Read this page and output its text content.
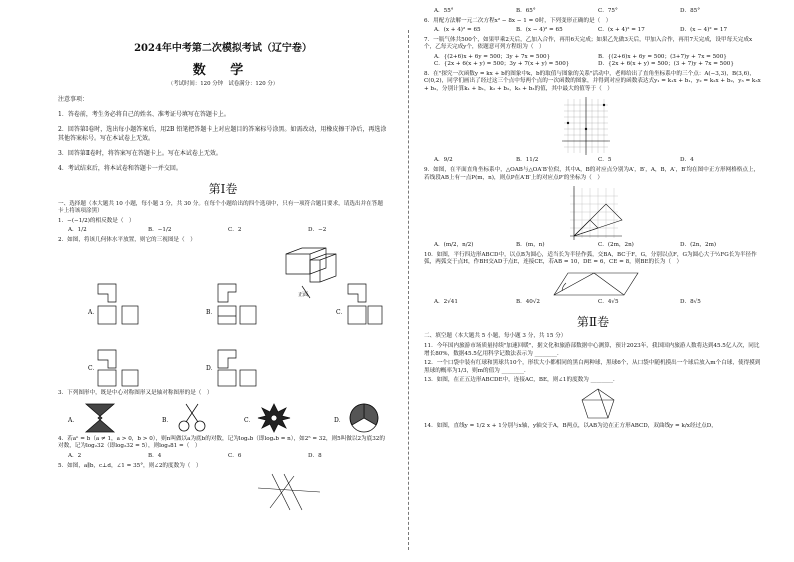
2024年中考第二次模拟考试（辽宁卷）
数 学
（考试时间：120 分钟　试卷满分：120 分）
注意事项：
1．答卷前，考生务必将自己的姓名、准考证号填写在答题卡上。
2．回答第Ⅰ卷时，选出每小题答案后，用2B 铅笔把答题卡上对应题目的答案标号涂黑。如需改动，用橡皮擦干净后，再选涂其他答案标号。写在本试卷上无效。
3．回答第Ⅱ卷时，将答案写在答题卡上。写在本试卷上无效。
4．考试结束后，将本试卷和答题卡一并交回。
第Ⅰ卷
一、选择题（本大题共 10 小题，每小题 3 分，共 30 分。在每个小题给出的四个选项中，只有一项符合题目要求，请选出并在答题卡上将该项涂黑）
1．−(−1/2)的相反数是（　）
A．1/2	B．−1/2	C．2	D．−2
2．如图，将该几何体水平放置，则它的三视图是（　）
正面
A．	B．	C．
C．	D．
3．下列图形中，既是中心对称图形又是轴对称图形的是（　）
A．	B．	C．	D．
4．若aⁿ = b（a ≠ 1，a > 0，b > 0），则n叫做以a为底b的对数，记为logₐb（即logₐb = n），如2⁵ = 32，则5叫做以2为底32的对数，记为log₂32（即log₂32 = 5），则log₃81 =（　）
A．2	B．4	C．6	D．8
5．如图，a∥b，c⊥d，∠1 = 35°，则∠2的度数为（　）
A．55°	B．65°	C．75°	D．85°
6．用配方法解一元二次方程x² − 8x − 1 = 0时，下列变形正确的是（　）
A．(x + 4)² = 65	B．(x − 4)² = 65	C．(x + 4)² = 17	D．(x − 4)² = 17
7．一瓶气体共500个，如果甲乘2天后，乙加入合作，再用6天完成；如果乙先做3天后，甲加入合作，再用7天完成，设甲每天完成x个，乙每天完成y个，依题意可列方程组为（　）
A．{(2+6)x + 6y = 500；3y + 7x = 500}	B．{(2+6)x + 6y = 500；(3+7)y + 7x = 500}
C．{2x + 6(x + y) = 500；3y + 7(x + y) = 500}	D．{2x + 6(x + y) = 500；(3 + 7)y + 7x = 500}
8．在"探究一次函数y = kx + b的图象中k，b的取值与图象的关系"活动中，老师给出了直角坐标系中的三个点：A(−3,3)，B(3,6)，C(0,2)，同学们画出了经过这三个点中每两个点的一次函数的图象，并得到对应的函数表达式y₁ = k₁x + b₁，y₂ = k₂x + b₂，y₃ = k₃x + b₃，分别计算k₁ + b₁，k₂ + b₂，k₃ + b₃的值，其中最大的值等于（　）
A．9/2	B．11/2	C．5	D．4
9．如图，在平面直角坐标系中，△OAB与△OA′B′位似，其中A，B的对应点分别为A′，B′，A，B，A′，B′均在图中正方形网格格点上，若线段AB上有一点P(m，n)，则点P在A′B′上的对应点P′的坐标为（　）
A．(m/2，n/2)	B．(m，n)	C．(2m，2n)	D．(2n，2m)
10．如图，平行四边形ABCD中，以点B为圆心，适当长为半径作弧，交BA，BC于F，G，分别以点F，G为圆心大于½FG长为半径作弧，两弧交于点H，作BH交AD于点E，连接CE，若AB = 10，DE = 6，CE = 8，则BE的长为（　）
A．2√41	B．40√2	C．4√5	D．8√5
第Ⅱ卷
二、填空题（本大题共 5 小题，每小题 3 分，共 15 分）
11．今年国内旅游市场质量持续"加速回暖"，据文化和旅游部数据中心测算，预计2023年，我国国内旅游人数将达到45.5亿人次，同比增长80%，数据45.5亿用科学记数法表示为 ________．
12．一个口袋中装有红球和黑球共10个，形状大小都相同的黑白两种球，黑球6个，从口袋中随机摸出一个球后放入m个白球，使得摸到黑球的概率为1/3，则m的值为 ________．
13．如图，在正五边形ABCDE中，连接AC，BE，则∠1的度数为 ________．
14．如图，直线y = 1/2 x + 1分别与x轴，y轴交于A，B两点，以AB为边在正方形ABCD，双曲线y = k/x经过点D，
